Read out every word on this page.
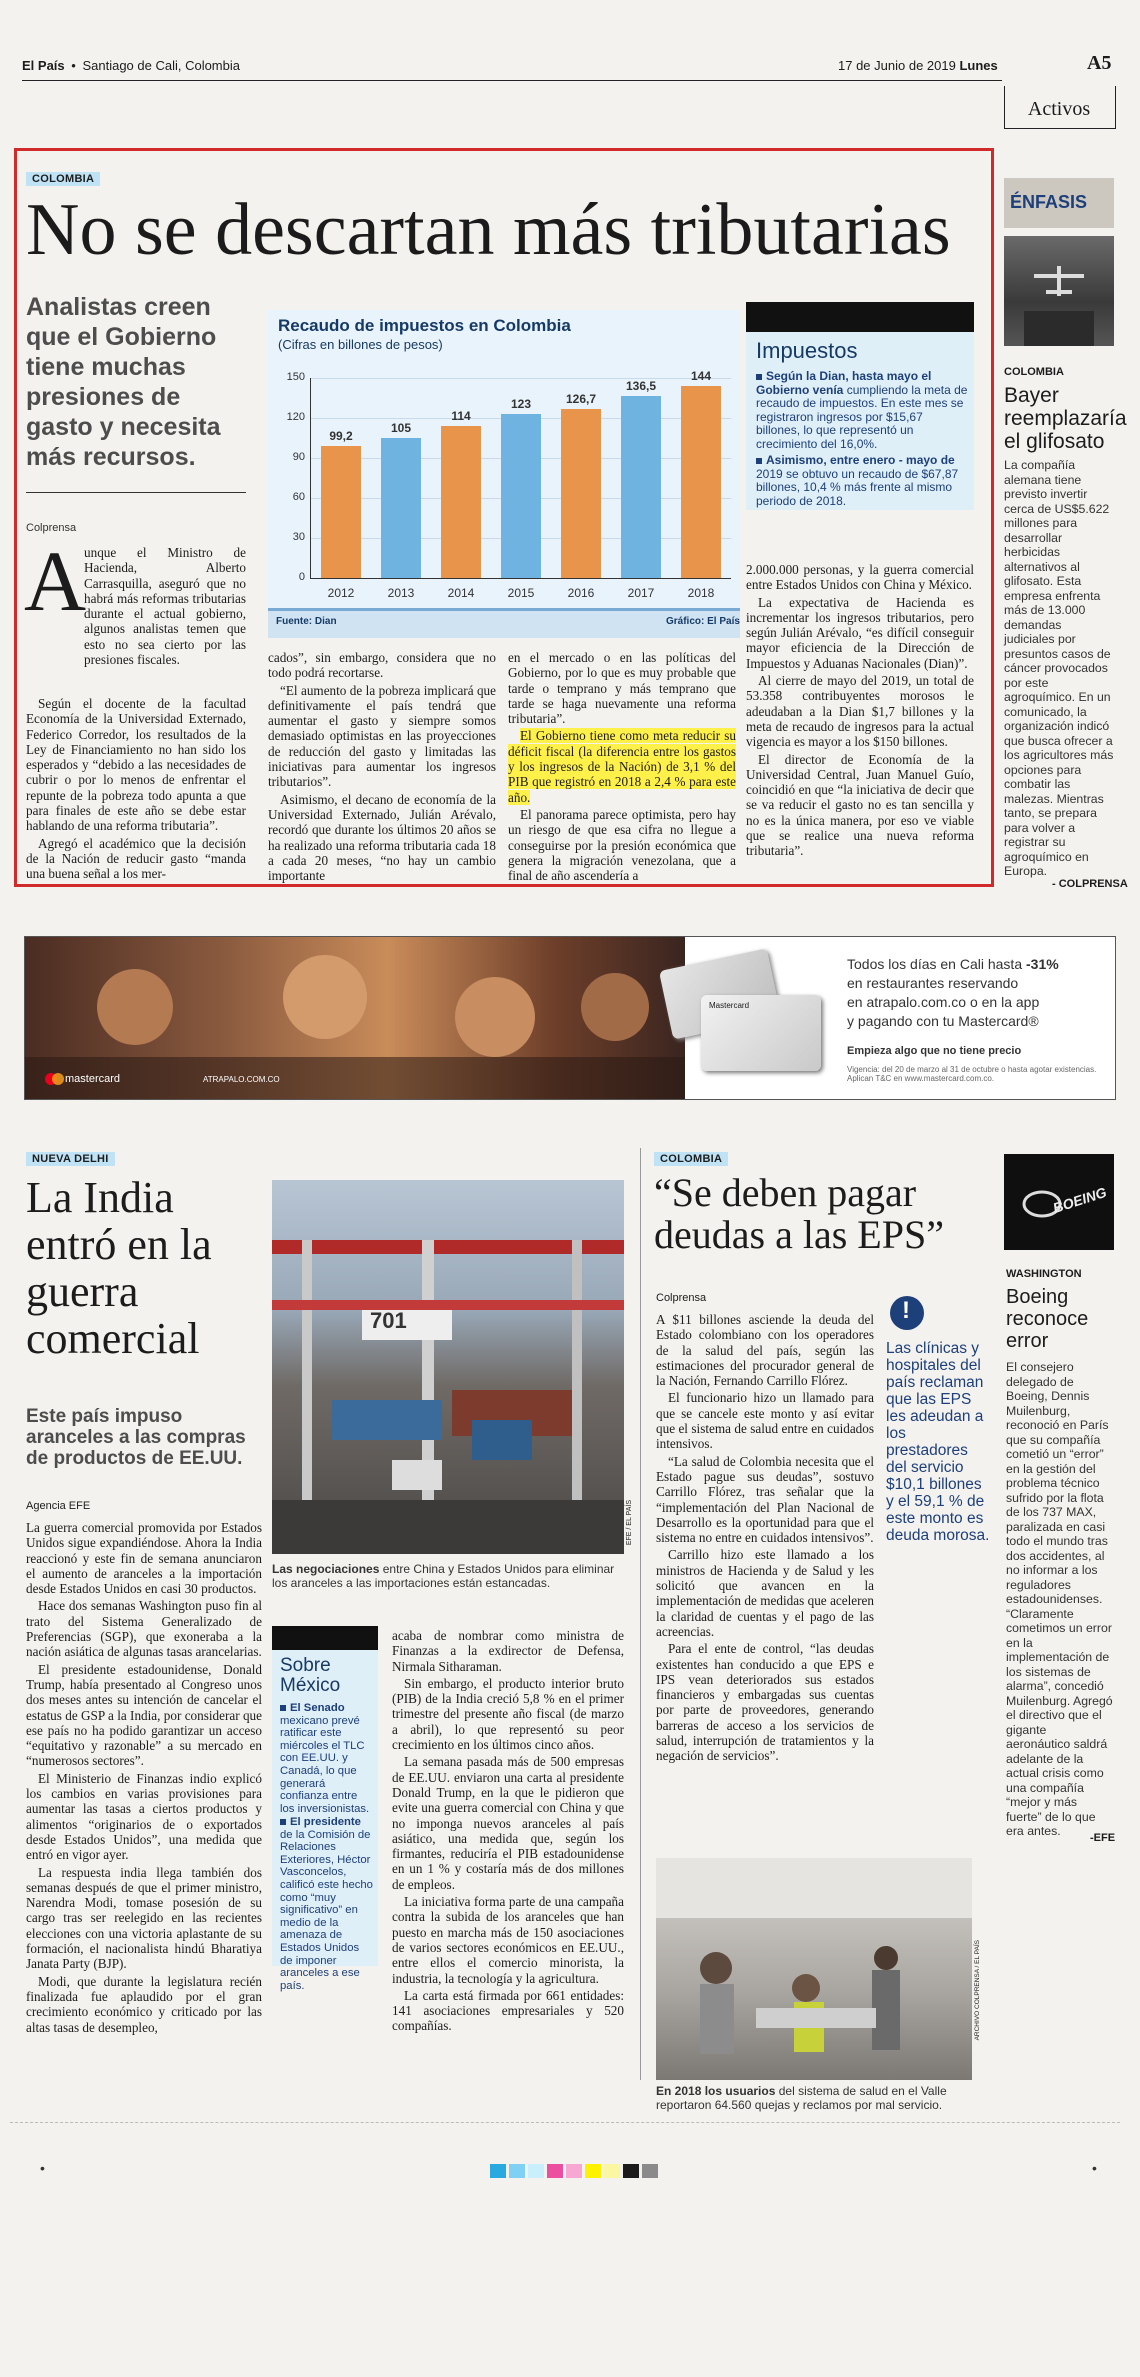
El País • Santiago de Cali, Colombia	17 de Junio de 2019 Lunes	A5
Activos
COLOMBIA
No se descartan más tributarias
Analistas creen que el Gobierno tiene muchas presiones de gasto y necesita más recursos.
Colprensa
Recaudo de impuestos en Colombia
(Cifras en billones de pesos)
0
30
60
90
120
150
99,2
2012
105
2013
114
2014
123
2015
126,7
2016
136,5
2017
144
2018
Fuente: Dian	Gráfico: El País
Impuestos
Según la Dian, hasta mayo el Gobierno venía cumpliendo la meta de recaudo de impuestos. En este mes se registraron ingresos por $15,67 billones, lo que representó un crecimiento del 16,0%.
Asimismo, entre enero - mayo de 2019 se obtuvo un recaudo de $67,87 billones, 10,4 % más frente al mismo periodo de 2018.
A
unque el Ministro de Hacienda, Alberto Carrasquilla, aseguró que no habrá más reformas tributarias durante el actual gobierno, algunos analistas temen que esto no sea cierto por las presiones fiscales.

Según el docente de la facultad Economía de la Universidad Externado, Federico Corredor, los resultados de la Ley de Financiamiento no han sido los esperados y “debido a las necesidades de cubrir o por lo menos de enfrentar el repunte de la pobreza todo apunta a que para finales de este año se debe estar hablando de una reforma tributaria”.

Agregó el académico que la decisión de la Nación de reducir gasto “manda una buena señal a los mer-

cados”, sin embargo, considera que no todo podrá recortarse.

“El aumento de la pobreza implicará que definitivamente el país tendrá que aumentar el gasto y siempre somos demasiado optimistas en las proyecciones de reducción del gasto y limitadas las iniciativas para aumentar los ingresos tributarios”.

Asimismo, el decano de economía de la Universidad Externado, Julián Arévalo, recordó que durante los últimos 20 años se ha realizado una reforma tributaria cada 18 a cada 20 meses, “no hay un cambio importante

en el mercado o en las políticas del Gobierno, por lo que es muy probable que tarde o temprano y más temprano que tarde se haga nuevamente una reforma tributaria”.

El Gobierno tiene como meta reducir su déficit fiscal (la diferencia entre los gastos y los ingresos de la Nación) de 3,1 % del PIB que registró en 2018 a 2,4 % para este año.

El panorama parece optimista, pero hay un riesgo de que esa cifra no llegue a conseguirse por la presión económica que genera la migración venezolana, que a final de año ascendería a

2.000.000 personas, y la guerra comercial entre Estados Unidos con China y México.

La expectativa de Hacienda es incrementar los ingresos tributarios, pero según Julián Arévalo, “es difícil conseguir mayor eficiencia de la Dirección de Impuestos y Aduanas Nacionales (Dian)”.

Al cierre de mayo del 2019, un total de 53.358 contribuyentes morosos le adeudaban a la Dian $1,7 billones y la meta de recaudo de ingresos para la actual vigencia es mayor a los $150 billones.

El director de Economía de la Universidad Central, Juan Manuel Guío, coincidió en que “la iniciativa de decir que se va reducir el gasto no es tan sencilla y no es la única manera, por eso ve viable que se realice una nueva reforma tributaria”.

ÉNFASIS
COLOMBIA
Bayer reemplazaría el glifosato
La compañía alemana tiene previsto invertir cerca de US$5.622 millones para desarrollar herbicidas alternativos al glifosato. Esta empresa enfrenta más de 13.000 demandas judiciales por presuntos casos de cáncer provocados por este agroquímico. En un comunicado, la organización indicó que busca ofrecer a los agricultores más opciones para combatir las malezas. Mientras tanto, se prepara para volver a registrar su agroquímico en Europa.
- COLPRENSA
mastercard	ATRAPALO.COM.CO
Mastercard
Todos los días en Cali hasta -31%
en restaurantes reservando
en atrapalo.com.co o en la app
y pagando con tu Mastercard®
Empieza algo que no tiene precio
Vigencia: del 20 de marzo al 31 de octubre o hasta agotar existencias. Aplican T&C en www.mastercard.com.co.
NUEVA DELHI
La India entró en la guerra comercial
Este país impuso aranceles a las compras de productos de EE.UU.
Agencia EFE

La guerra comercial promovida por Estados Unidos sigue expandiéndose. Ahora la India reaccionó y este fin de semana anunciaron el aumento de aranceles a la importación desde Estados Unidos en casi 30 productos.

Hace dos semanas Washington puso fin al trato del Sistema Generalizado de Preferencias (SGP), que exoneraba a la nación asiática de algunas tasas arancelarias.

El presidente estadounidense, Donald Trump, había presentado al Congreso unos dos meses antes su intención de cancelar el estatus de GSP a la India, por considerar que ese país no ha podido garantizar un acceso “equitativo y razonable” a su mercado en “numerosos sectores”.

El Ministerio de Finanzas indio explicó los cambios en varias provisiones para aumentar las tasas a ciertos productos y alimentos “originarios de o exportados desde Estados Unidos”, una medida que entró en vigor ayer.

La respuesta india llega también dos semanas después de que el primer ministro, Narendra Modi, tomase posesión de su cargo tras ser reelegido en las recientes elecciones con una victoria aplastante de su formación, el nacionalista hindú Bharatiya Janata Party (BJP).

Modi, que durante la legislatura recién finalizada fue aplaudido por el gran crecimiento económico y criticado por las altas tasas de desempleo,

701
EFE / EL PAÍS
Las negociaciones entre China y Estados Unidos para eliminar los aranceles a las importaciones están estancadas.
Sobre México
El Senado mexicano prevé ratificar este miércoles el TLC con EE.UU. y Canadá, lo que generará confianza entre los inversionistas.
El presidente de la Comisión de Relaciones Exteriores, Héctor Vasconcelos, calificó este hecho como “muy significativo” en medio de la amenaza de Estados Unidos de imponer aranceles a ese país.

acaba de nombrar como ministra de Finanzas a la exdirector de Defensa, Nirmala Sitharaman.

Sin embargo, el producto interior bruto (PIB) de la India creció 5,8 % en el primer trimestre del presente año fiscal (de marzo a abril), lo que representó su peor crecimiento en los últimos cinco años.

La semana pasada más de 500 empresas de EE.UU. enviaron una carta al presidente Donald Trump, en la que le pidieron que evite una guerra comercial con China y que no imponga nuevos aranceles al país asiático, una medida que, según los firmantes, reduciría el PIB estadounidense en un 1 % y costaría más de dos millones de empleos.

La iniciativa forma parte de una campaña contra la subida de los aranceles que han puesto en marcha más de 150 asociaciones de varios sectores económicos en EE.UU., entre ellos el comercio minorista, la industria, la tecnología y la agricultura.

La carta está firmada por 661 entidades: 141 asociaciones empresariales y 520 compañías.

COLOMBIA
“Se deben pagar deudas a las EPS”
Colprensa

A $11 billones asciende la deuda del Estado colombiano con los operadores de la salud del país, según las estimaciones del procurador general de la Nación, Fernando Carrillo Flórez.

El funcionario hizo un llamado para que se cancele este monto y así evitar que el sistema de salud entre en cuidados intensivos.

“La salud de Colombia necesita que el Estado pague sus deudas”, sostuvo Carrillo Flórez, tras señalar que la “implementación del Plan Nacional de Desarrollo es la oportunidad para que el sistema no entre en cuidados intensivos”.

Carrillo hizo este llamado a los ministros de Hacienda y de Salud y les solicitó que avancen en la implementación de medidas que aceleren la claridad de cuentas y el pago de las acreencias.

Para el ente de control, “las deudas existentes han conducido a que EPS e IPS vean deteriorados sus estados financieros y embargadas sus cuentas por parte de proveedores, generando barreras de acceso a los servicios de salud, interrupción de tratamientos y la negación de servicios”.

!
Las clínicas y hospitales del país reclaman que las EPS les adeudan a los prestadores del servicio $10,1 billones y el 59,1 % de este monto es deuda morosa.
ARCHIVO COLPRENSA / EL PAÍS
En 2018 los usuarios del sistema de salud en el Valle reportaron 64.560 quejas y reclamos por mal servicio.
BOEING
WASHINGTON
Boeing reconoce error
El consejero delegado de Boeing, Dennis Muilenburg, reconoció en París que su compañía cometió un “error” en la gestión del problema técnico sufrido por la flota de los 737 MAX, paralizada en casi todo el mundo tras dos accidentes, al no informar a los reguladores estadounidenses. “Claramente cometimos un error en la implementación de los sistemas de alarma”, concedió Muilenburg. Agregó el directivo que el gigante aeronáutico saldrá adelante de la actual crisis como una compañía “mejor y más fuerte” de lo que era antes.	-EFE
•	•
